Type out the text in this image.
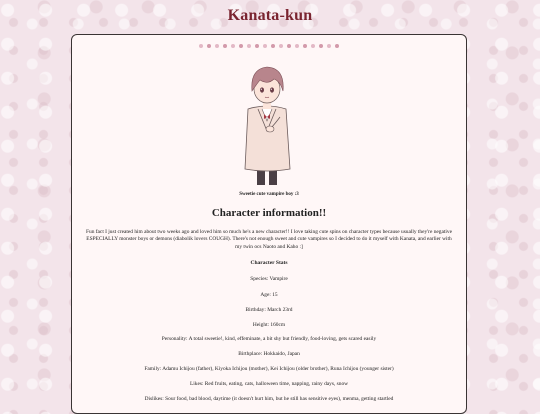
Kanata-kun
Sweetie cute vampire boy :3
Character information!!
Fun fact I just created him about two weeks ago and loved him so much he's a new character!! I love taking cute spins on character types because usually they're negative ESPECIALLY monster boys or demons (diabolik lovers COUGH). There's not enough sweet and cute vampires so I decided to do it myself with Kanata, and earlier with my twin ocs Naoto and Kaho :]
Character Stats
Species: Vampire
Age: 15
Birthday: March 23rd
Height: 160cm
Personality: A total sweetie!, kind, effeminate, a bit shy but friendly, food-loving, gets scared easily
Birthplace: Hokkaido, Japan
Family: Adamu Ichijou (father), Kiyoka Ichijou (mother), Kei Ichijou (older brother), Runa Ichijou (younger sister)
Likes: Red fruits, eating, cats, halloween time, napping, rainy days, snow
Dislikes: Sour food, bad blood, daytime (it doesn't hurt him, but he still has sensitive eyes), menma, getting startled
